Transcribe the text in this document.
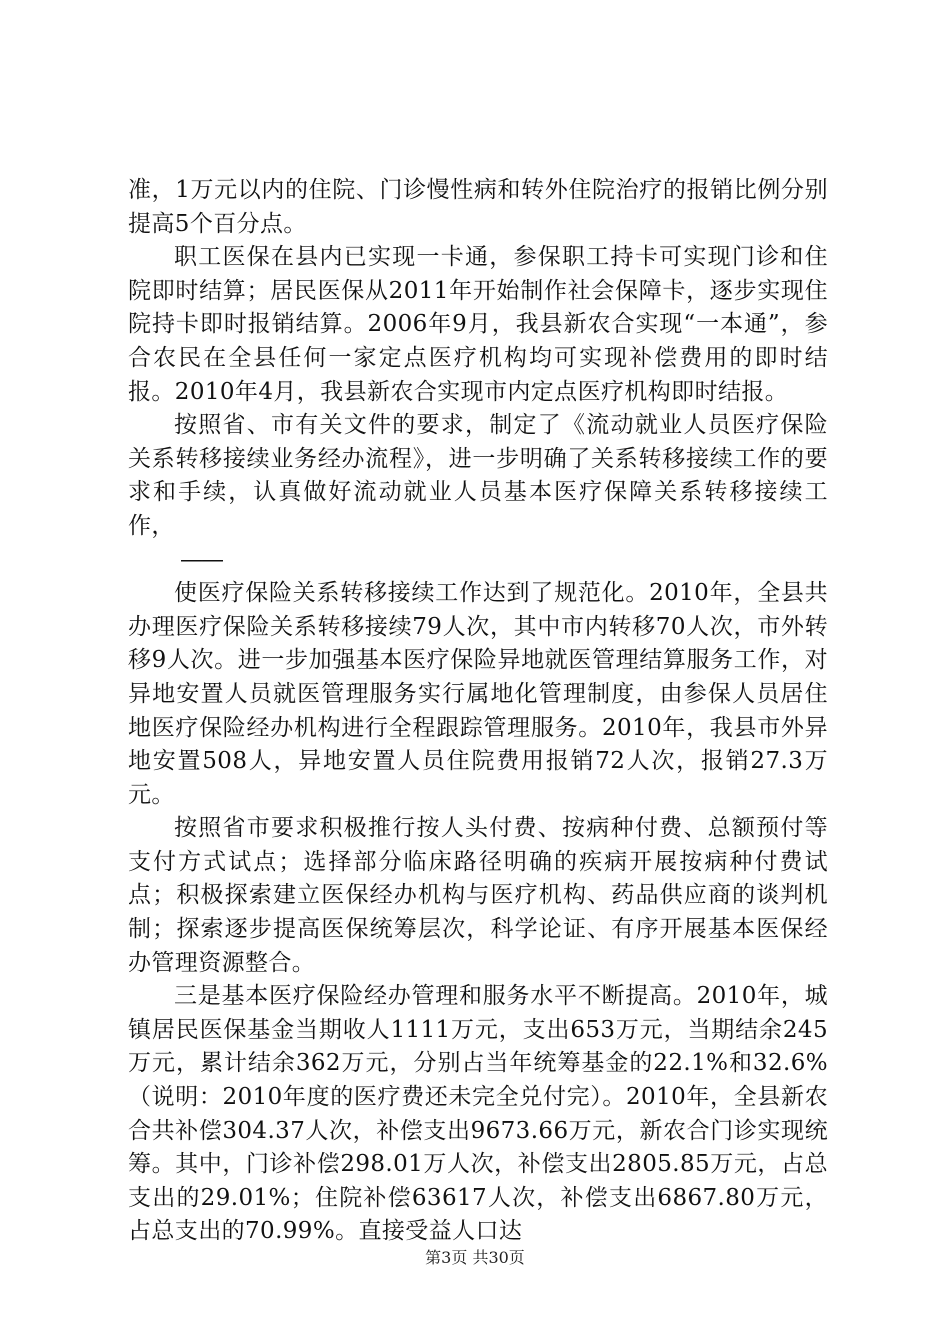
准，1万元以内的住院、门诊慢性病和转外住院治疗的报销比例分别提高5个百分点。

职工医保在县内已实现一卡通，参保职工持卡可实现门诊和住院即时结算；居民医保从2011年开始制作社会保障卡，逐步实现住院持卡即时报销结算。2006年9月，我县新农合实现“一本通”，参合农民在全县任何一家定点医疗机构均可实现补偿费用的即时结报。2010年4月，我县新农合实现市内定点医疗机构即时结报。

按照省、市有关文件的要求，制定了《流动就业人员医疗保险关系转移接续业务经办流程》，进一步明确了关系转移接续工作的要求和手续，认真做好流动就业人员基本医疗保障关系转移接续工作，

——

使医疗保险关系转移接续工作达到了规范化。2010年，全县共办理医疗保险关系转移接续79人次，其中市内转移70人次，市外转移9人次。进一步加强基本医疗保险异地就医管理结算服务工作，对异地安置人员就医管理服务实行属地化管理制度，由参保人员居住地医疗保险经办机构进行全程跟踪管理服务。2010年，我县市外异地安置508人，异地安置人员住院费用报销72人次，报销27.3万元。

按照省市要求积极推行按人头付费、按病种付费、总额预付等支付方式试点；选择部分临床路径明确的疾病开展按病种付费试点；积极探索建立医保经办机构与医疗机构、药品供应商的谈判机制；探索逐步提高医保统筹层次，科学论证、有序开展基本医保经办管理资源整合。

三是基本医疗保险经办管理和服务水平不断提高。2010年，城镇居民医保基金当期收人1111万元，支出653万元，当期结余245万元，累计结余362万元，分别占当年统筹基金的22.1%和32.6%（说明：2010年度的医疗费还未完全兑付完）。2010年，全县新农合共补偿304.37人次，补偿支出9673.66万元，新农合门诊实现统筹。其中，门诊补偿298.01万人次，补偿支出2805.85万元，占总支出的29.01%；住院补偿63617人次，补偿支出6867.80万元，占总支出的70.99%。直接受益人口达

第3页 共30页
